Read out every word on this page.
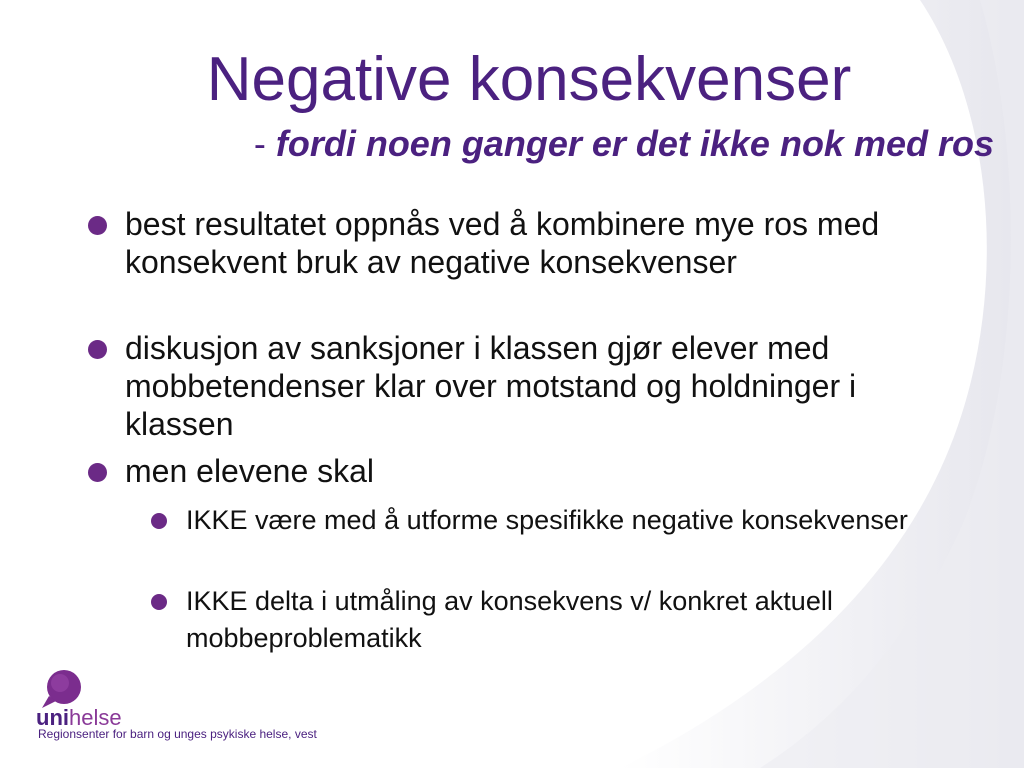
Negative konsekvenser

- fordi noen ganger er det ikke nok med ros

best resultatet oppnås ved å kombinere mye ros med konsekvent bruk av negative konsekvenser

diskusjon av sanksjoner i klassen gjør elever med mobbetendenser klar over motstand og holdninger i klassen

men elevene skal

IKKE være med å utforme spesifikke negative konsekvenser

IKKE delta i utmåling av konsekvens v/ konkret aktuell mobbeproblematikk

unihelse
Regionsenter for barn og unges psykiske helse, vest
